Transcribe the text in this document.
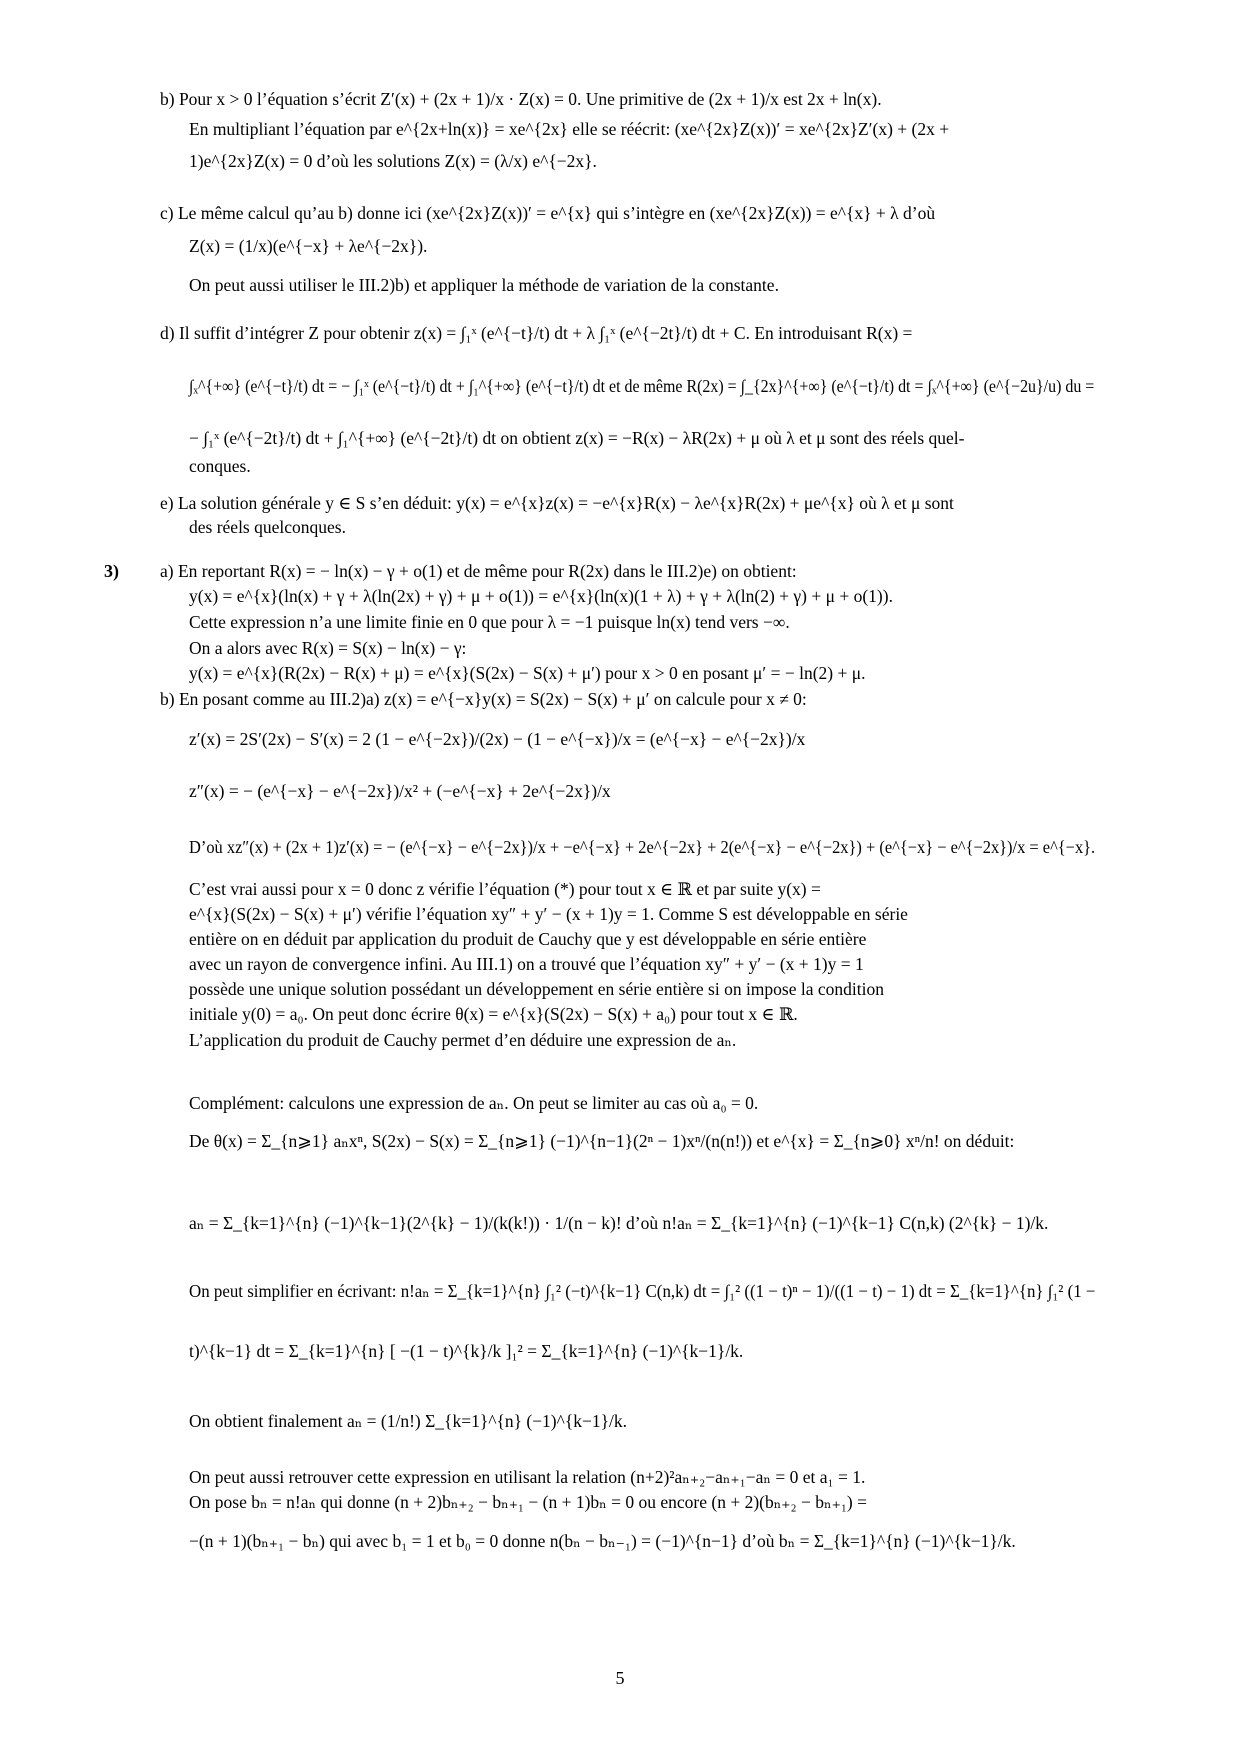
3)
5
b) Pour x > 0 l’équation s’écrit Z′(x) + (2x + 1)/x · Z(x) = 0. Une primitive de (2x + 1)/x est 2x + ln(x).
En multipliant l’équation par e^{2x+ln(x)} = xe^{2x} elle se réécrit: (xe^{2x}Z(x))′ = xe^{2x}Z′(x) + (2x +
1)e^{2x}Z(x) = 0 d’où les solutions Z(x) = (λ/x) e^{−2x}.
c) Le même calcul qu’au b) donne ici (xe^{2x}Z(x))′ = e^{x} qui s’intègre en (xe^{2x}Z(x)) = e^{x} + λ d’où
Z(x) = (1/x)(e^{−x} + λe^{−2x}).
On peut aussi utiliser le III.2)b) et appliquer la méthode de variation de la constante.
d) Il suffit d’intégrer Z pour obtenir z(x) = ∫₁ˣ (e^{−t}/t) dt + λ ∫₁ˣ (e^{−2t}/t) dt + C. En introduisant R(x) =
∫ₓ^{+∞} (e^{−t}/t) dt = − ∫₁ˣ (e^{−t}/t) dt + ∫₁^{+∞} (e^{−t}/t) dt et de même R(2x) = ∫_{2x}^{+∞} (e^{−t}/t) dt = ∫ₓ^{+∞} (e^{−2u}/u) du =
− ∫₁ˣ (e^{−2t}/t) dt + ∫₁^{+∞} (e^{−2t}/t) dt on obtient z(x) = −R(x) − λR(2x) + μ où λ et μ sont des réels quel-
conques.
e) La solution générale y ∈ S s’en déduit: y(x) = e^{x}z(x) = −e^{x}R(x) − λe^{x}R(2x) + μe^{x} où λ et μ sont
des réels quelconques.
a) En reportant R(x) = − ln(x) − γ + o(1) et de même pour R(2x) dans le III.2)e) on obtient:
y(x) = e^{x}(ln(x) + γ + λ(ln(2x) + γ) + μ + o(1)) = e^{x}(ln(x)(1 + λ) + γ + λ(ln(2) + γ) + μ + o(1)).
Cette expression n’a une limite finie en 0 que pour λ = −1 puisque ln(x) tend vers −∞.
On a alors avec R(x) = S(x) − ln(x) − γ:
y(x) = e^{x}(R(2x) − R(x) + μ) = e^{x}(S(2x) − S(x) + μ′) pour x > 0 en posant μ′ = − ln(2) + μ.
b) En posant comme au III.2)a) z(x) = e^{−x}y(x) = S(2x) − S(x) + μ′ on calcule pour x ≠ 0:
z′(x) = 2S′(2x) − S′(x) = 2 (1 − e^{−2x})/(2x) − (1 − e^{−x})/x = (e^{−x} − e^{−2x})/x
z″(x) = − (e^{−x} − e^{−2x})/x² + (−e^{−x} + 2e^{−2x})/x
D’où xz″(x) + (2x + 1)z′(x) = − (e^{−x} − e^{−2x})/x + −e^{−x} + 2e^{−2x} + 2(e^{−x} − e^{−2x}) + (e^{−x} − e^{−2x})/x = e^{−x}.
C’est vrai aussi pour x = 0 donc z vérifie l’équation (*) pour tout x ∈ ℝ et par suite y(x) =
e^{x}(S(2x) − S(x) + μ′) vérifie l’équation xy″ + y′ − (x + 1)y = 1. Comme S est développable en série
entière on en déduit par application du produit de Cauchy que y est développable en série entière
avec un rayon de convergence infini. Au III.1) on a trouvé que l’équation xy″ + y′ − (x + 1)y = 1
possède une unique solution possédant un développement en série entière si on impose la condition
initiale y(0) = a₀. On peut donc écrire θ(x) = e^{x}(S(2x) − S(x) + a₀) pour tout x ∈ ℝ.
L’application du produit de Cauchy permet d’en déduire une expression de aₙ.
Complément: calculons une expression de aₙ. On peut se limiter au cas où a₀ = 0.
De θ(x) = Σ_{n⩾1} aₙxⁿ, S(2x) − S(x) = Σ_{n⩾1} (−1)^{n−1}(2ⁿ − 1)xⁿ/(n(n!)) et e^{x} = Σ_{n⩾0} xⁿ/n! on déduit:
aₙ = Σ_{k=1}^{n} (−1)^{k−1}(2^{k} − 1)/(k(k!)) · 1/(n − k)! d’où n!aₙ = Σ_{k=1}^{n} (−1)^{k−1} C(n,k) (2^{k} − 1)/k.
On peut simplifier en écrivant: n!aₙ = Σ_{k=1}^{n} ∫₁² (−t)^{k−1} C(n,k) dt = ∫₁² ((1 − t)ⁿ − 1)/((1 − t) − 1) dt = Σ_{k=1}^{n} ∫₁² (1 −
t)^{k−1} dt = Σ_{k=1}^{n} [ −(1 − t)^{k}/k ]₁² = Σ_{k=1}^{n} (−1)^{k−1}/k.
On obtient finalement aₙ = (1/n!) Σ_{k=1}^{n} (−1)^{k−1}/k.
On peut aussi retrouver cette expression en utilisant la relation (n+2)²aₙ₊₂−aₙ₊₁−aₙ = 0 et a₁ = 1.
On pose bₙ = n!aₙ qui donne (n + 2)bₙ₊₂ − bₙ₊₁ − (n + 1)bₙ = 0 ou encore (n + 2)(bₙ₊₂ − bₙ₊₁) =
−(n + 1)(bₙ₊₁ − bₙ) qui avec b₁ = 1 et b₀ = 0 donne n(bₙ − bₙ₋₁) = (−1)^{n−1} d’où bₙ = Σ_{k=1}^{n} (−1)^{k−1}/k.
